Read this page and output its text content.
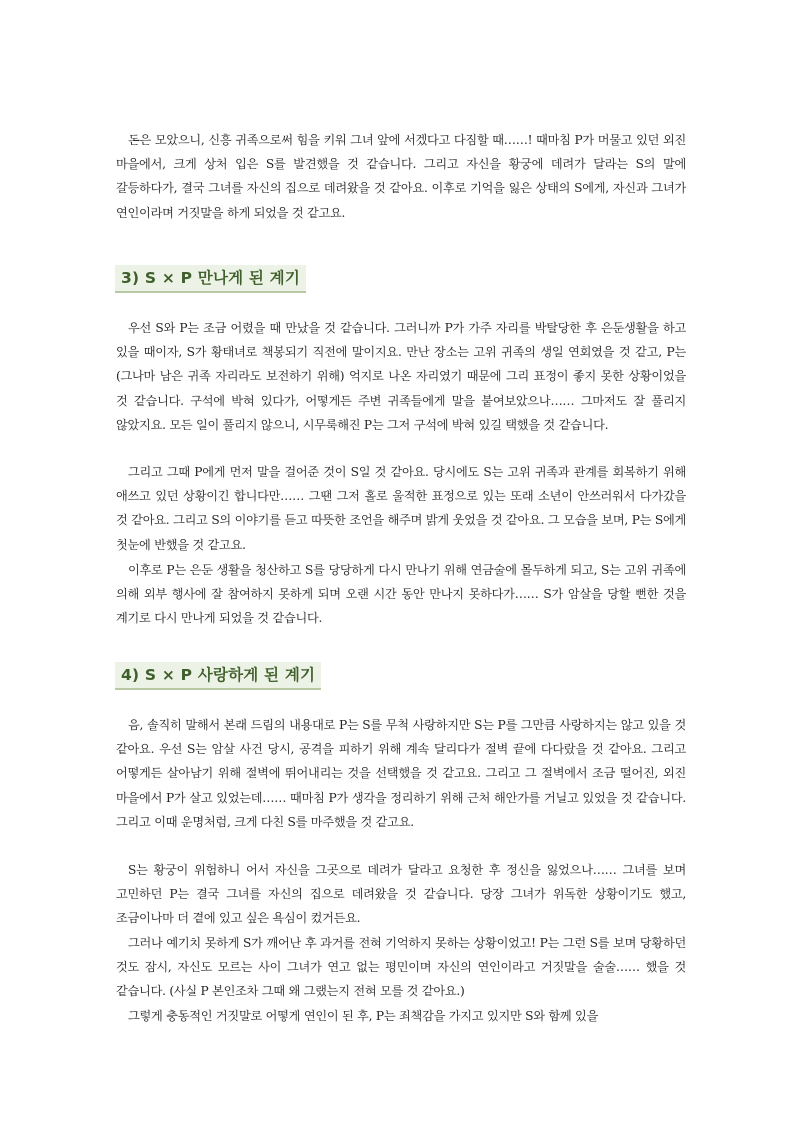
돈은 모았으니, 신흥 귀족으로써 힘을 키워 그녀 앞에 서겠다고 다짐할 때……! 때마침 P가 머물고 있던 외진 마을에서, 크게 상처 입은 S를 발견했을 것 같습니다. 그리고 자신을 황궁에 데려가 달라는 S의 말에 갈등하다가, 결국 그녀를 자신의 집으로 데려왔을 것 같아요. 이후로 기억을 잃은 상태의 S에게, 자신과 그녀가 연인이라며 거짓말을 하게 되었을 것 같고요.

3) S × P 만나게 된 계기

우선 S와 P는 조금 어렸을 때 만났을 것 같습니다. 그러니까 P가 가주 자리를 박탈당한 후 은둔생활을 하고 있을 때이자, S가 황태녀로 책봉되기 직전에 말이지요. 만난 장소는 고위 귀족의 생일 연회였을 것 같고, P는 (그나마 남은 귀족 자리라도 보전하기 위해) 억지로 나온 자리였기 때문에 그리 표정이 좋지 못한 상황이었을 것 같습니다. 구석에 박혀 있다가, 어떻게든 주변 귀족들에게 말을 붙여보았으나…… 그마저도 잘 풀리지 않았지요. 모든 일이 풀리지 않으니, 시무룩해진 P는 그저 구석에 박혀 있길 택했을 것 같습니다.

그리고 그때 P에게 먼저 말을 걸어준 것이 S일 것 같아요. 당시에도 S는 고위 귀족과 관계를 회복하기 위해 애쓰고 있던 상황이긴 합니다만…… 그땐 그저 홀로 울적한 표정으로 있는 또래 소년이 안쓰러워서 다가갔을 것 같아요. 그리고 S의 이야기를 듣고 따뜻한 조언을 해주며 밝게 웃었을 것 같아요. 그 모습을 보며, P는 S에게 첫눈에 반했을 것 같고요.

이후로 P는 은둔 생활을 청산하고 S를 당당하게 다시 만나기 위해 연금술에 몰두하게 되고, S는 고위 귀족에 의해 외부 행사에 잘 참여하지 못하게 되며 오랜 시간 동안 만나지 못하다가…… S가 암살을 당할 뻔한 것을 계기로 다시 만나게 되었을 것 같습니다.

4) S × P 사랑하게 된 계기

음, 솔직히 말해서 본래 드림의 내용대로 P는 S를 무척 사랑하지만 S는 P를 그만큼 사랑하지는 않고 있을 것 같아요. 우선 S는 암살 사건 당시, 공격을 피하기 위해 계속 달리다가 절벽 끝에 다다랐을 것 같아요. 그리고 어떻게든 살아남기 위해 절벽에 뛰어내리는 것을 선택했을 것 같고요. 그리고 그 절벽에서 조금 떨어진, 외진 마을에서 P가 살고 있었는데…… 때마침 P가 생각을 정리하기 위해 근처 해안가를 거닐고 있었을 것 같습니다. 그리고 이때 운명처럼, 크게 다친 S를 마주했을 것 같고요.

S는 황궁이 위험하니 어서 자신을 그곳으로 데려가 달라고 요청한 후 정신을 잃었으나…… 그녀를 보며 고민하던 P는 결국 그녀를 자신의 집으로 데려왔을 것 같습니다. 당장 그녀가 위독한 상황이기도 했고, 조금이나마 더 곁에 있고 싶은 욕심이 컸거든요.

그러나 예기치 못하게 S가 깨어난 후 과거를 전혀 기억하지 못하는 상황이었고! P는 그런 S를 보며 당황하던 것도 잠시, 자신도 모르는 사이 그녀가 연고 없는 평민이며 자신의 연인이라고 거짓말을 술술…… 했을 것 같습니다. (사실 P 본인조차 그때 왜 그랬는지 전혀 모를 것 같아요.)

그렇게 충동적인 거짓말로 어떻게 연인이 된 후, P는 죄책감을 가지고 있지만 S와 함께 있을
